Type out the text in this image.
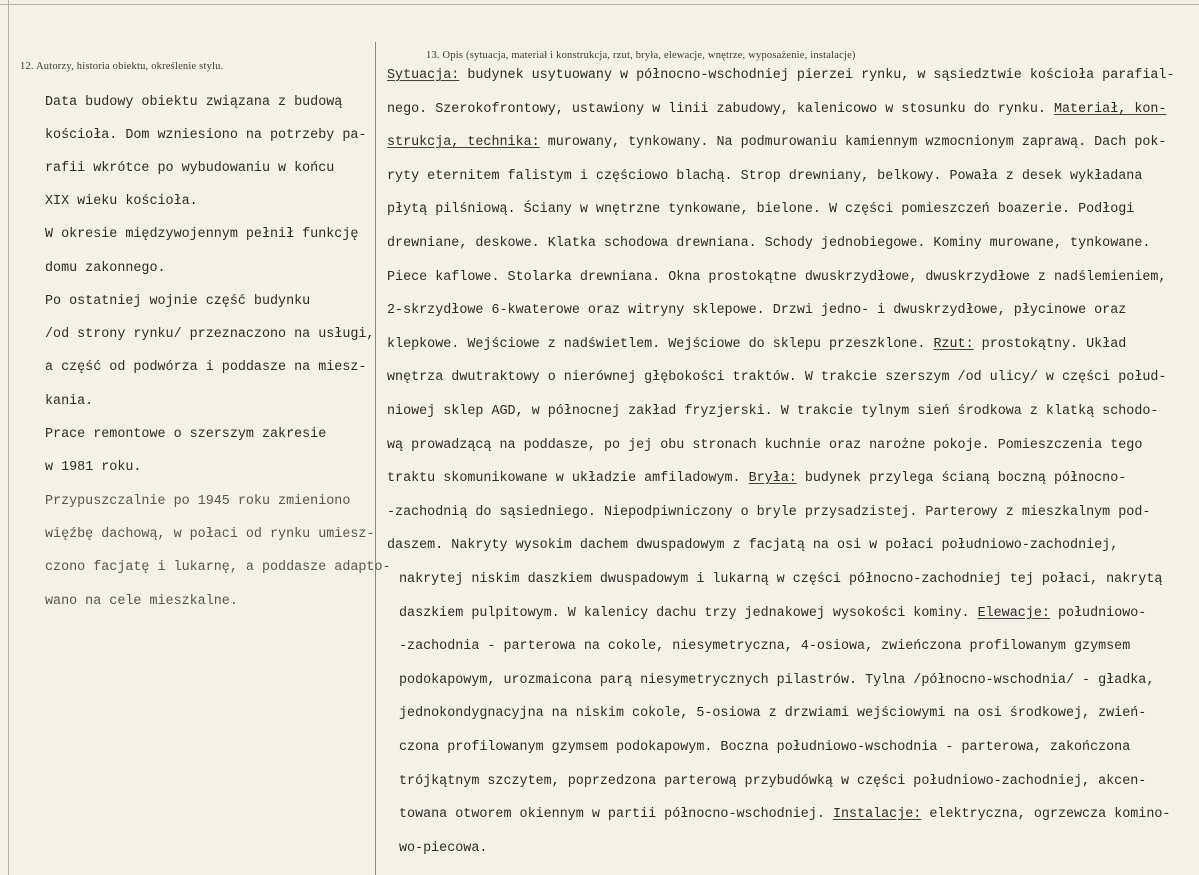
12. Autorzy, historia obiektu, określenie stylu.
13. Opis (sytuacja, materiał i konstrukcja, rzut, bryła, elewacje, wnętrze, wyposażenie, instalacje)
Data budowy obiektu związana z budową
kościoła. Dom wzniesiono na potrzeby pa-
rafii wkrótce po wybudowaniu w końcu
XIX wieku kościoła.
W okresie międzywojennym pełnił funkcję
domu zakonnego.
Po ostatniej wojnie część budynku
/od strony rynku/ przeznaczono na usługi,
a część od podwórza i poddasze na miesz-
kania.
Prace remontowe o szerszym zakresie
w 1981 roku.
Przypuszczalnie po 1945 roku zmieniono
więźbę dachową, w połaci od rynku umiesz-
czono facjatę i lukarnę, a poddasze adapto-
wano na cele mieszkalne.
Sytuacja: budynek usytuowany w północno-wschodniej pierzei rynku, w sąsiedztwie kościoła parafial-
nego. Szerokofrontowy, ustawiony w linii zabudowy, kalenicowo w stosunku do rynku. Materiał, kon-
strukcja, technika: murowany, tynkowany. Na podmurowaniu kamiennym wzmocnionym zaprawą. Dach pok-
ryty eternitem falistym i częściowo blachą. Strop drewniany, belkowy. Powała z desek wykładana
płytą pilśniową. Ściany w wnętrzne tynkowane, bielone. W części pomieszczeń boazerie. Podłogi
drewniane, deskowe. Klatka schodowa drewniana. Schody jednobiegowe. Kominy murowane, tynkowane.
Piece kaflowe. Stolarka drewniana. Okna prostokątne dwuskrzydłowe, dwuskrzydłowe z nadślemieniem,
2-skrzydłowe 6-kwaterowe oraz witryny sklepowe. Drzwi jedno- i dwuskrzydłowe, płycinowe oraz
klepkowe. Wejściowe z nadświetlem. Wejściowe do sklepu przeszklone. Rzut: prostokątny. Układ
wnętrza dwutraktowy o nierównej głębokości traktów. W trakcie szerszym /od ulicy/ w części połud-
niowej sklep AGD, w północnej zakład fryzjerski. W trakcie tylnym sień środkowa z klatką schodo-
wą prowadzącą na poddasze, po jej obu stronach kuchnie oraz narożne pokoje. Pomieszczenia tego
traktu skomunikowane w układzie amfiladowym. Bryła: budynek przylega ścianą boczną północno-
-zachodnią do sąsiedniego. Niepodpiwniczony o bryle przysadzistej. Parterowy z mieszkalnym pod-
daszem. Nakryty wysokim dachem dwuspadowym z facjatą na osi w połaci południowo-zachodniej,
nakrytej niskim daszkiem dwuspadowym i lukarną w części północno-zachodniej tej połaci, nakrytą
daszkiem pulpitowym. W kalenicy dachu trzy jednakowej wysokości kominy. Elewacje: południowo-
-zachodnia - parterowa na cokole, niesymetryczna, 4-osiowa, zwieńczona profilowanym gzymsem
podokapowym, urozmaicona parą niesymetrycznych pilastrów. Tylna /północno-wschodnia/ - gładka,
jednokondygnacyjna na niskim cokole, 5-osiowa z drzwiami wejściowymi na osi środkowej, zwień-
czona profilowanym gzymsem podokapowym. Boczna południowo-wschodnia - parterowa, zakończona
trójkątnym szczytem, poprzedzona parterową przybudówką w części południowo-zachodniej, akcen-
towana otworem okiennym w partii północno-wschodniej. Instalacje: elektryczna, ogrzewcza komino-
wo-piecowa.
